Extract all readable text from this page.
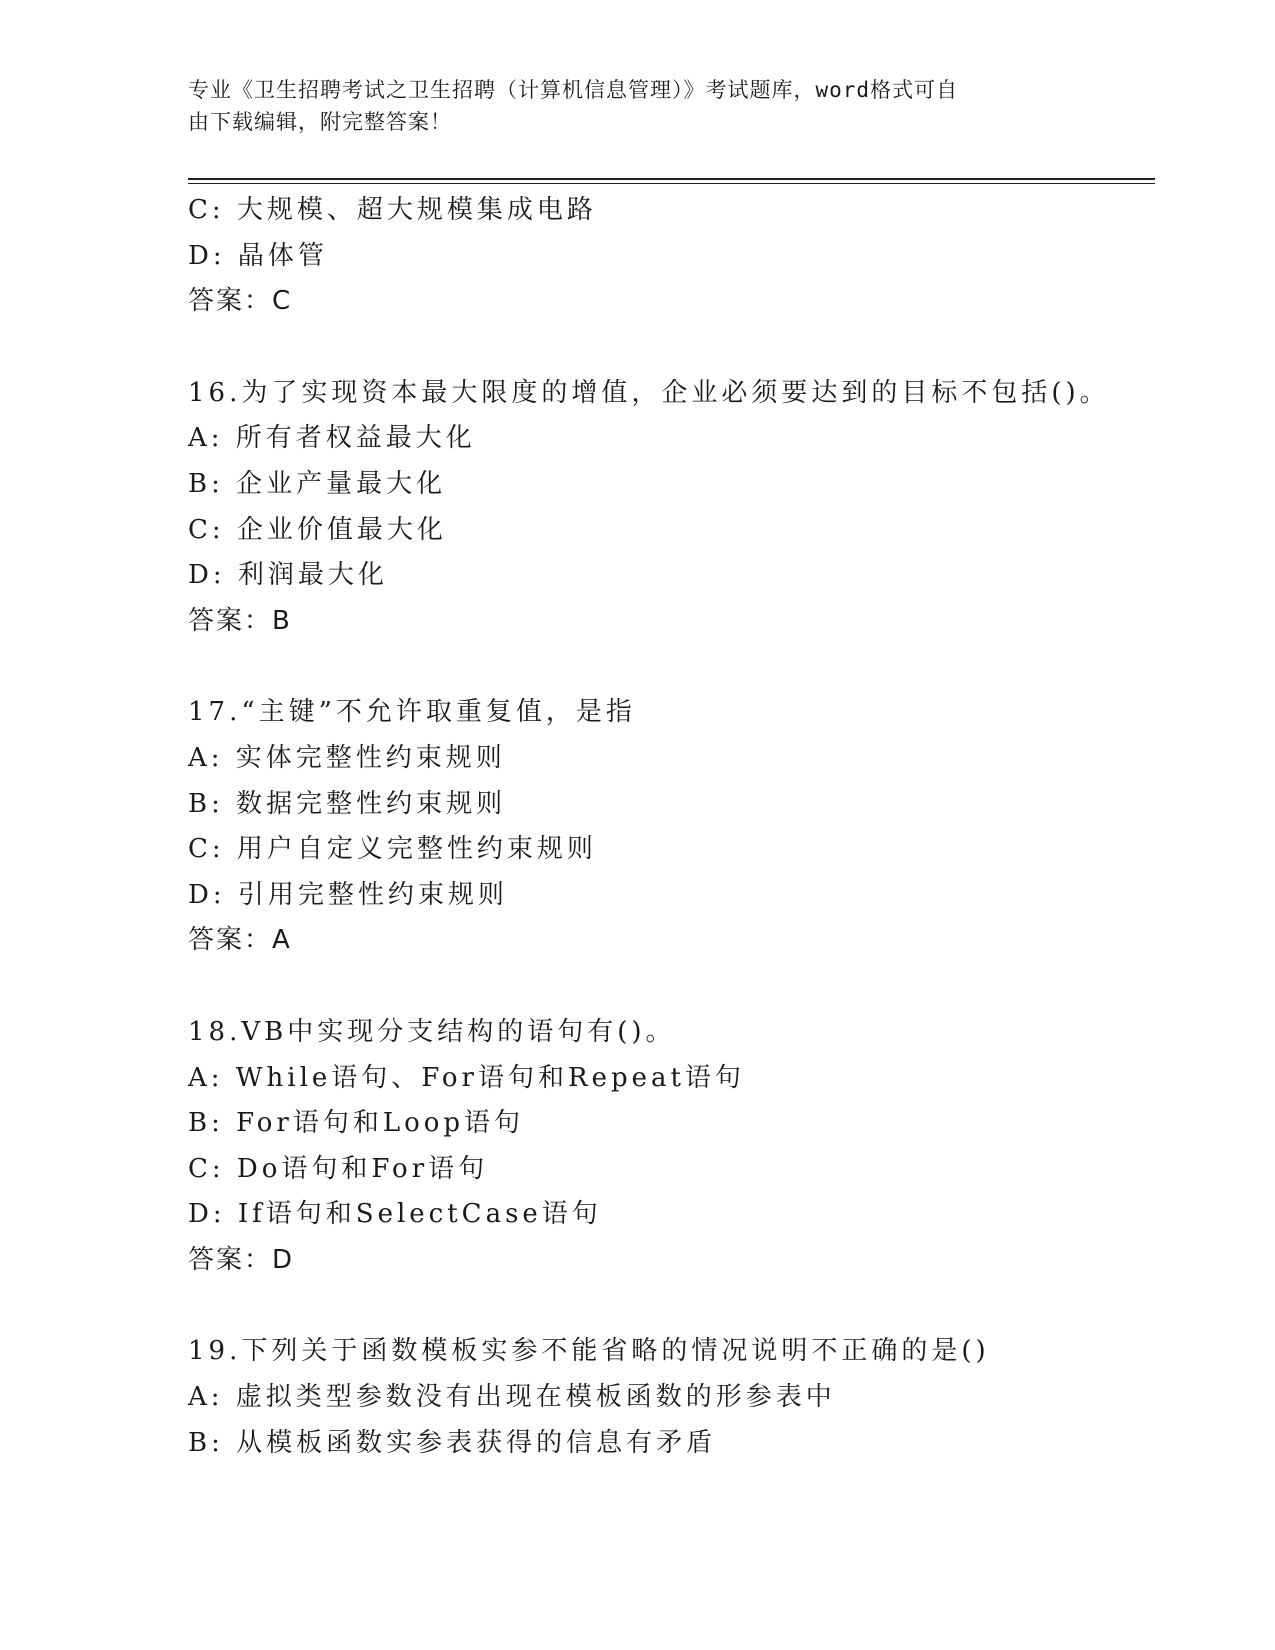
专业《卫生招聘考试之卫生招聘（计算机信息管理）》考试题库，word格式可自
由下载编辑，附完整答案！
C: 大规模、超大规模集成电路
D: 晶体管
答案：C
16.为了实现资本最大限度的增值，企业必须要达到的目标不包括()。
A: 所有者权益最大化
B: 企业产量最大化
C: 企业价值最大化
D: 利润最大化
答案：B
17.“主键”不允许取重复值，是指
A: 实体完整性约束规则
B: 数据完整性约束规则
C: 用户自定义完整性约束规则
D: 引用完整性约束规则
答案：A
18.VB中实现分支结构的语句有()。
A: While语句、For语句和Repeat语句
B: For语句和Loop语句
C: Do语句和For语句
D: If语句和SelectCase语句
答案：D
19.下列关于函数模板实参不能省略的情况说明不正确的是()
A: 虚拟类型参数没有出现在模板函数的形参表中
B: 从模板函数实参表获得的信息有矛盾
